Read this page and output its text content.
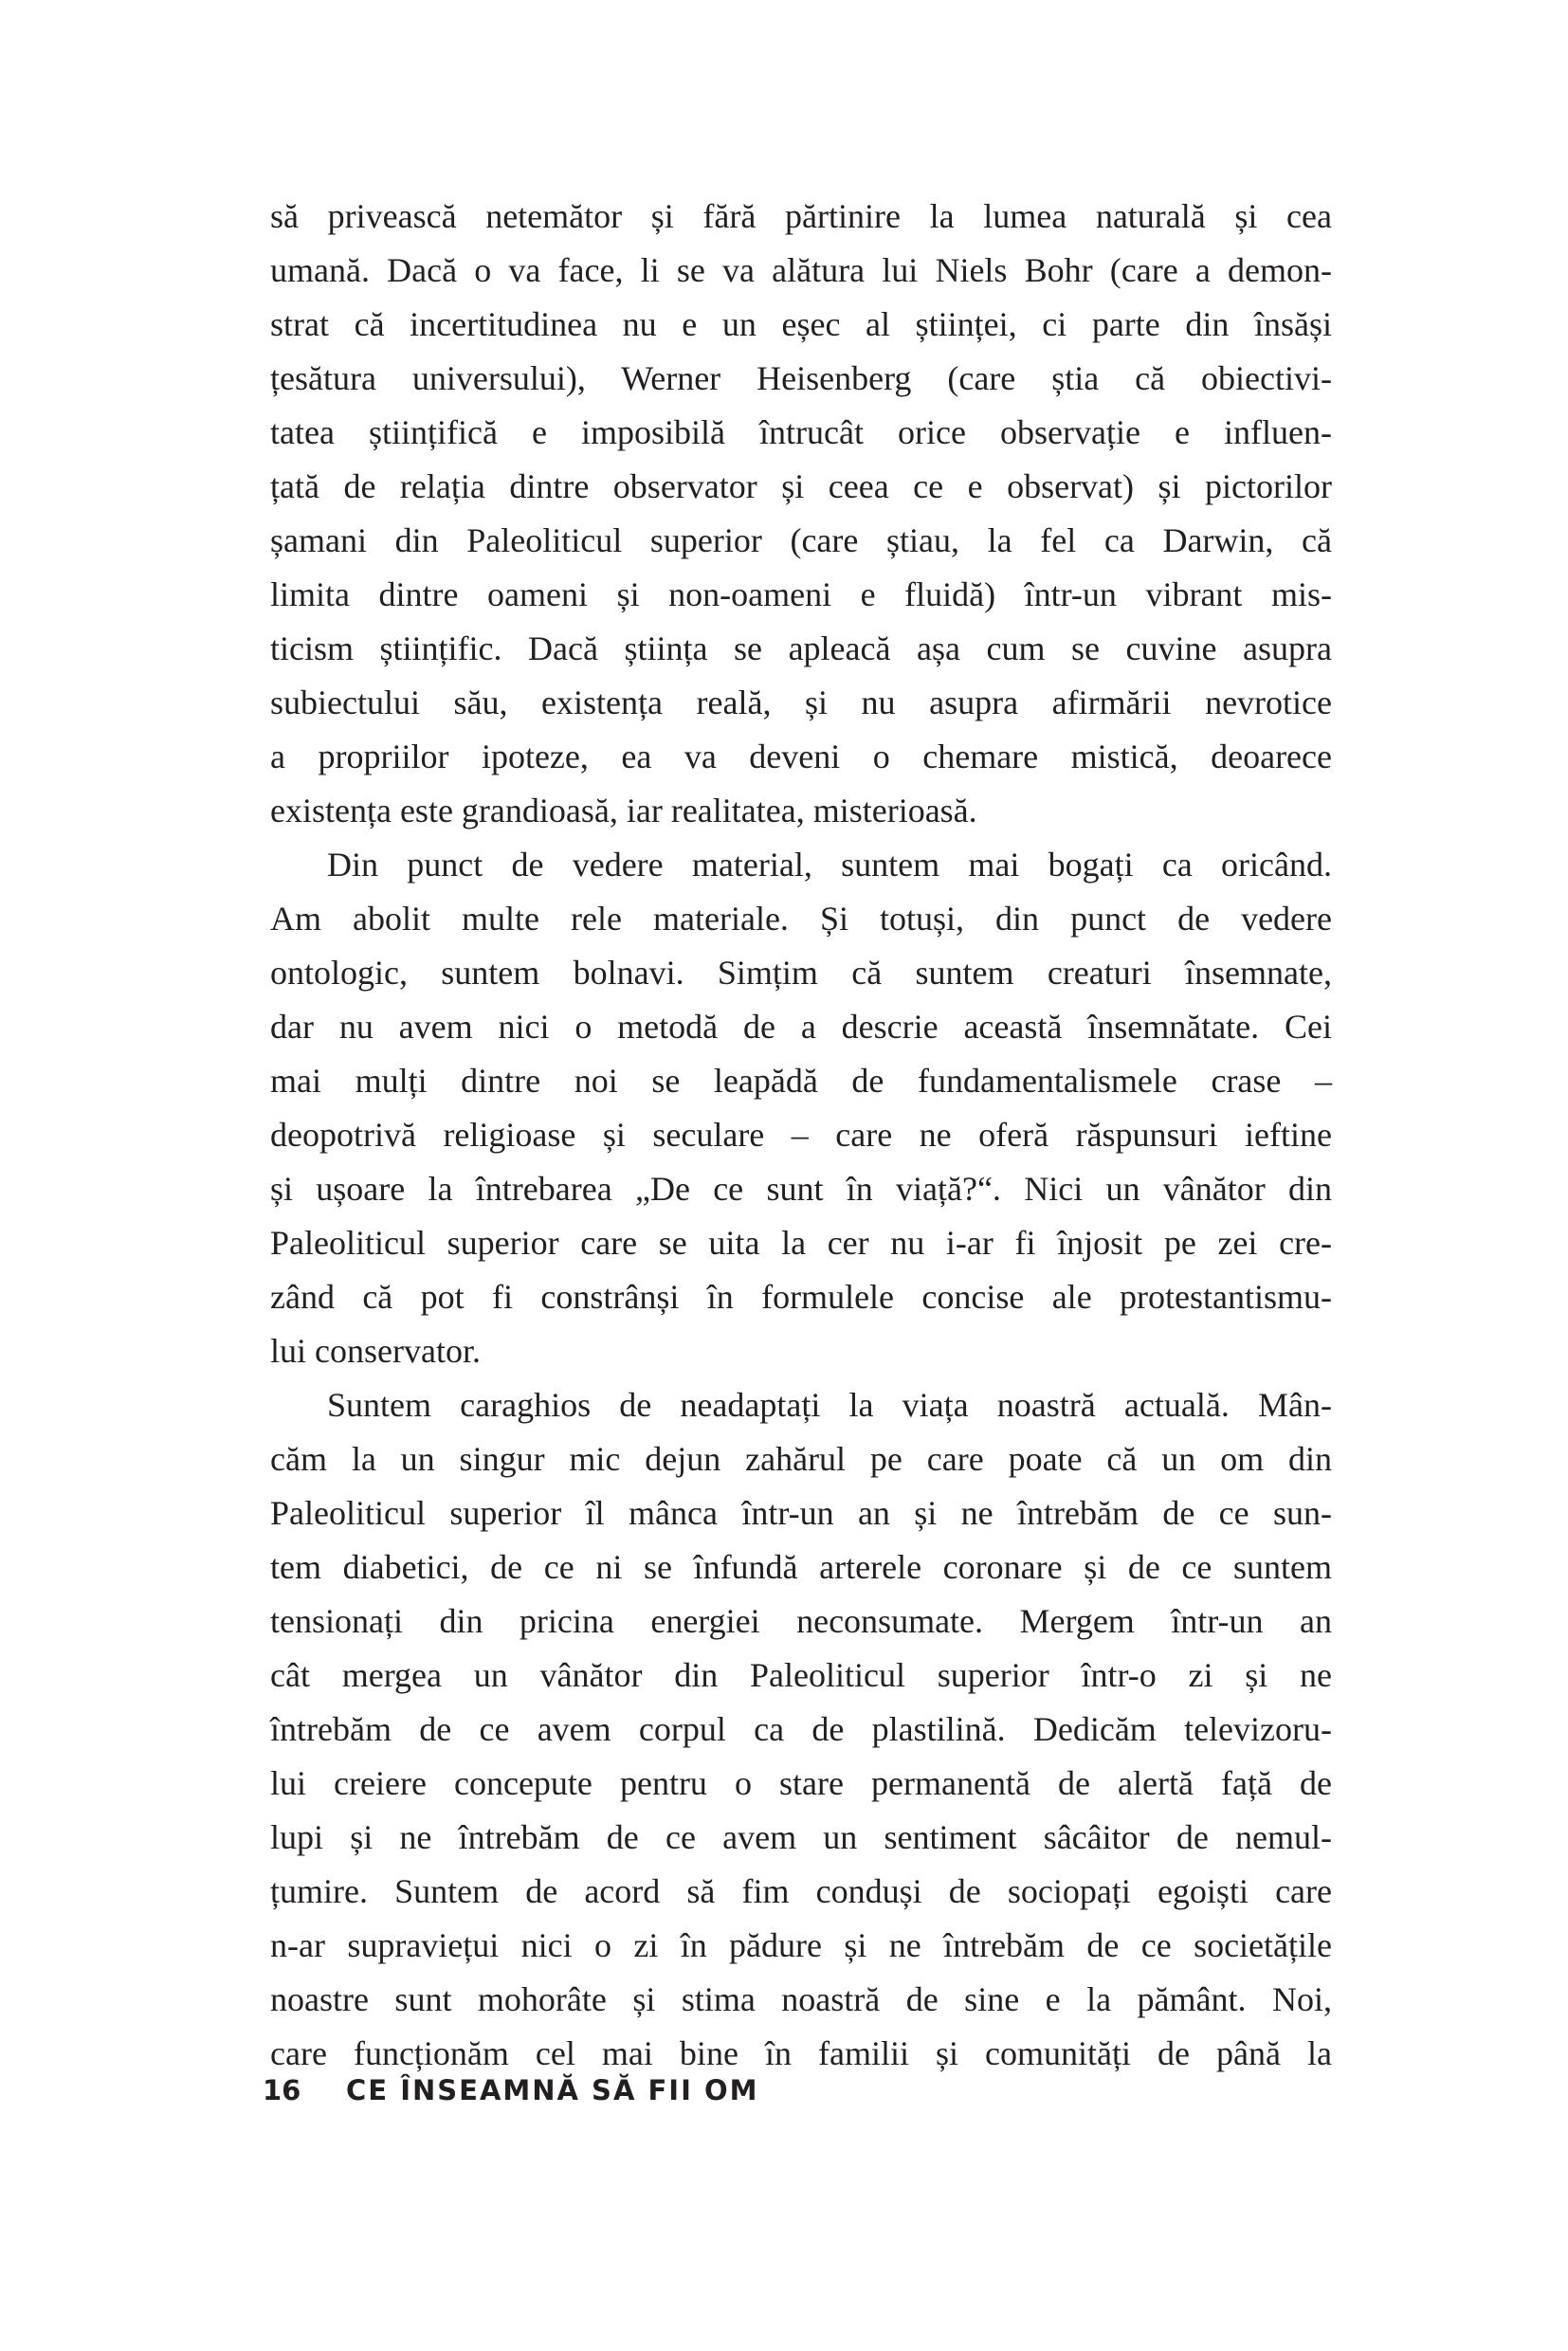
să privească netemător și fără părtinire la lumea naturală și cea
umană. Dacă o va face, li se va alătura lui Niels Bohr (care a demon-
strat că incertitudinea nu e un eșec al științei, ci parte din însăși
țesătura universului), Werner Heisenberg (care știa că obiectivi-
tatea științifică e imposibilă întrucât orice observație e influen-
țată de relația dintre observator și ceea ce e observat) și pictorilor
șamani din Paleoliticul superior (care știau, la fel ca Darwin, că
limita dintre oameni și non-oameni e fluidă) într-un vibrant mis-
ticism științific. Dacă știința se apleacă așa cum se cuvine asupra
subiectului său, existența reală, și nu asupra afirmării nevrotice
a propriilor ipoteze, ea va deveni o chemare mistică, deoarece
existența este grandioasă, iar realitatea, misterioasă.
Din punct de vedere material, suntem mai bogați ca oricând.
Am abolit multe rele materiale. Și totuși, din punct de vedere
ontologic, suntem bolnavi. Simțim că suntem creaturi însemnate,
dar nu avem nici o metodă de a descrie această însemnătate. Cei
mai mulți dintre noi se leapădă de fundamentalismele crase –
deopotrivă religioase și seculare – care ne oferă răspunsuri ieftine
și ușoare la întrebarea „De ce sunt în viață?“. Nici un vânător din
Paleoliticul superior care se uita la cer nu i-ar fi înjosit pe zei cre-
zând că pot fi constrânși în formulele concise ale protestantismu-
lui conservator.
Suntem caraghios de neadaptați la viața noastră actuală. Mân-
căm la un singur mic dejun zahărul pe care poate că un om din
Paleoliticul superior îl mânca într-un an și ne întrebăm de ce sun-
tem diabetici, de ce ni se înfundă arterele coronare și de ce suntem
tensionați din pricina energiei neconsumate. Mergem într-un an
cât mergea un vânător din Paleoliticul superior într-o zi și ne
întrebăm de ce avem corpul ca de plastilină. Dedicăm televizoru-
lui creiere concepute pentru o stare permanentă de alertă față de
lupi și ne întrebăm de ce avem un sentiment sâcâitor de nemul-
țumire. Suntem de acord să fim conduși de sociopați egoiști care
n-ar supraviețui nici o zi în pădure și ne întrebăm de ce societățile
noastre sunt mohorâte și stima noastră de sine e la pământ. Noi,
care funcționăm cel mai bine în familii și comunități de până la
16 CE ÎNSEAMNĂ SĂ FII OM
